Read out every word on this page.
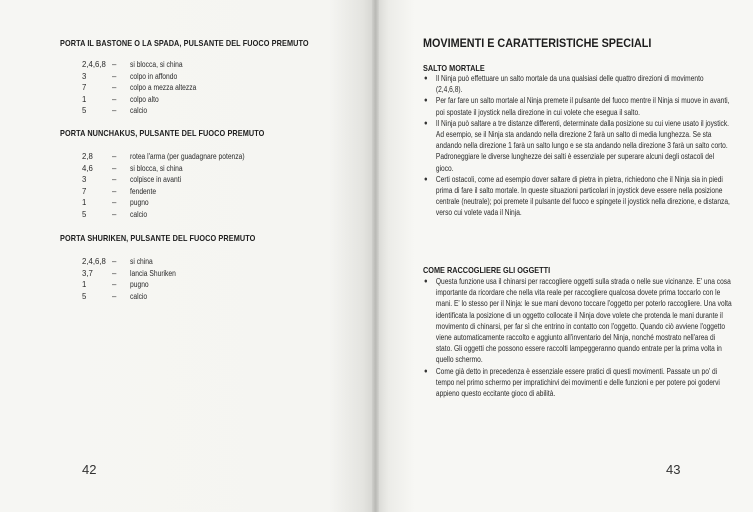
PORTA IL BASTONE O LA SPADA, PULSANTE DEL FUOCO PREMUTO
2,4,6,8 –	si blocca, si china
3	–	colpo in affondo
7	–	colpo a mezza altezza
1	–	colpo alto
5	–	calcio
PORTA NUNCHAKUS, PULSANTE DEL FUOCO PREMUTO
2,8	–	rotea l'arma (per guadagnare potenza)
4,6	–	si blocca, si china
3	–	colpisce in avanti
7	–	fendente
1	–	pugno
5	–	calcio
PORTA SHURIKEN, PULSANTE DEL FUOCO PREMUTO
2,4,6,8 –	si china
3,7	–	lancia Shuriken
1	–	pugno
5	–	calcio
42
MOVIMENTI E CARATTERISTICHE SPECIALI
SALTO MORTALE
● Il Ninja può effettuare un salto mortale da una qualsiasi delle quattro direzioni di movimento (2,4,6,8).
● Per far fare un salto mortale al Ninja premete il pulsante del fuoco mentre il Ninja si muove in avanti, poi spostate il joystick nella direzione in cui volete che esegua il salto.
● Il Ninja può saltare a tre distanze differenti, determinate dalla posizione su cui viene usato il joystick. Ad esempio, se il Ninja sta andando nella direzione 2 farà un salto di media lunghezza. Se sta andando nella direzione 1 farà un salto lungo e se sta andando nella direzione 3 farà un salto corto. Padroneggiare le diverse lunghezze dei salti è essenziale per superare alcuni degli ostacoli del gioco.
● Certi ostacoli, come ad esempio dover saltare di pietra in pietra, richiedono che il Ninja sia in piedi prima di fare il salto mortale. In queste situazioni particolari in joystick deve essere nella posizione centrale (neutrale); poi premete il pulsante del fuoco e spingete il joystick nella direzione, e distanza, verso cui volete vada il Ninja.
COME RACCOGLIERE GLI OGGETTI
● Questa funzione usa il chinarsi per raccogliere oggetti sulla strada o nelle sue vicinanze. E' una cosa importante da ricordare che nella vita reale per raccogliere qualcosa dovete prima toccarlo con le mani. E' lo stesso per il Ninja: le sue mani devono toccare l'oggetto per poterlo raccogliere. Una volta identificata la posizione di un oggetto collocate il Ninja dove volete che protenda le mani durante il movimento di chinarsi, per far sì che entrino in contatto con l'oggetto. Quando ciò avviene l'oggetto viene automaticamente raccolto e aggiunto all'inventario del Ninja, nonché mostrato nell'area di stato. Gli oggetti che possono essere raccolti lampeggeranno quando entrate per la prima volta in quello schermo.
● Come già detto in precedenza è essenziale essere pratici di questi movimenti. Passate un po' di tempo nel primo schermo per impratichirvi dei movimenti e delle funzioni e per potere poi godervi appieno questo eccitante gioco di abilità.
43
